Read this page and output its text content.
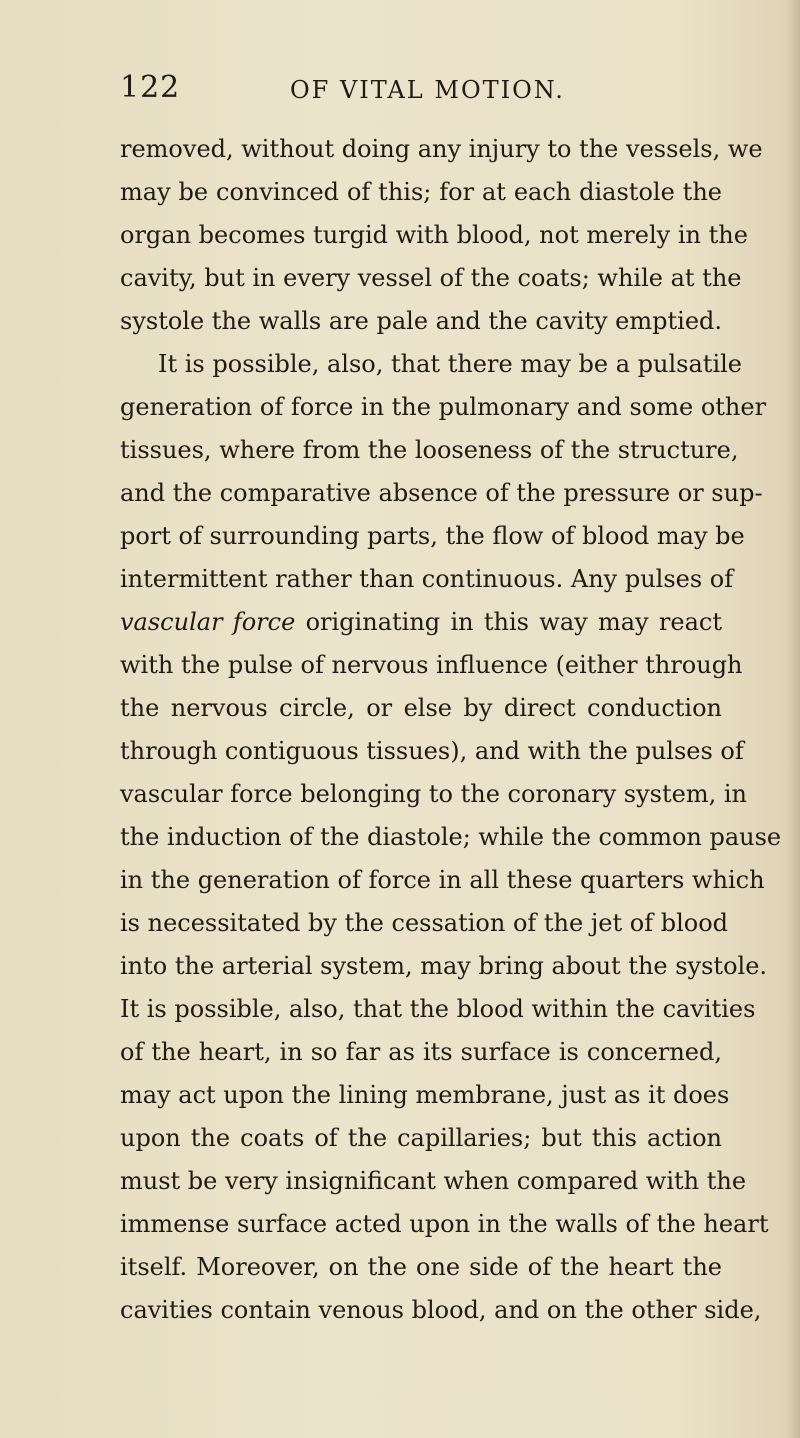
122	OF VITAL MOTION.
removed, without doing any injury to the vessels, we
may be convinced of this; for at each diastole the
organ becomes turgid with blood, not merely in the
cavity, but in every vessel of the coats; while at the
systole the walls are pale and the cavity emptied.
It is possible, also, that there may be a pulsatile
generation of force in the pulmonary and some other
tissues, where from the looseness of the structure,
and the comparative absence of the pressure or sup-
port of surrounding parts, the flow of blood may be
intermittent rather than continuous. Any pulses of
vascular force originating in this way may react
with the pulse of nervous influence (either through
the nervous circle, or else by direct conduction
through contiguous tissues), and with the pulses of
vascular force belonging to the coronary system, in
the induction of the diastole; while the common pause
in the generation of force in all these quarters which
is necessitated by the cessation of the jet of blood
into the arterial system, may bring about the systole.
It is possible, also, that the blood within the cavities
of the heart, in so far as its surface is concerned,
may act upon the lining membrane, just as it does
upon the coats of the capillaries; but this action
must be very insignificant when compared with the
immense surface acted upon in the walls of the heart
itself. Moreover, on the one side of the heart the
cavities contain venous blood, and on the other side,
